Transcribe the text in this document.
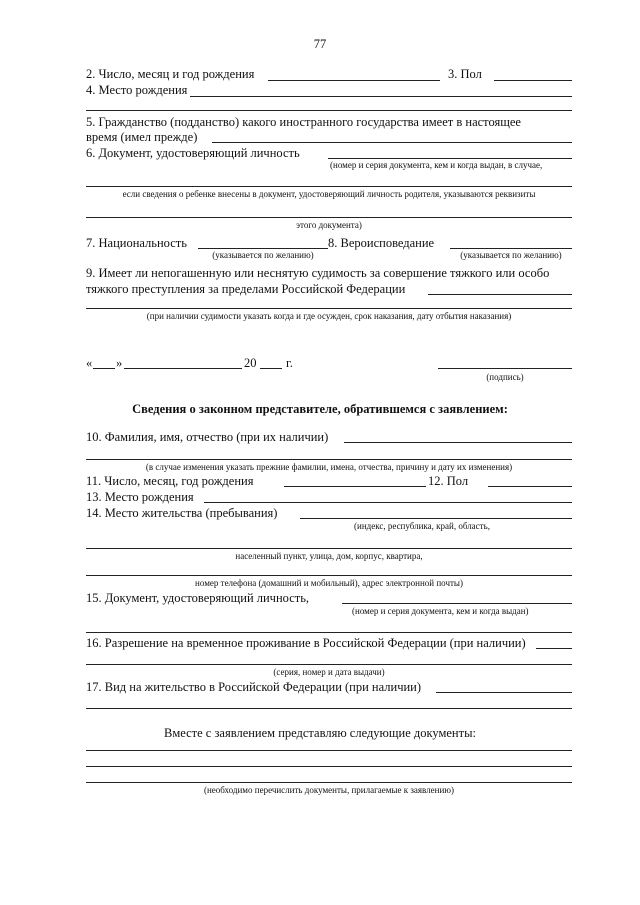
77
2. Число, месяц и год рождения	3. Пол
4. Место рождения
5. Гражданство (подданство) какого иностранного государства имеет в настоящее
время (имел прежде)
6. Документ, удостоверяющий личность
(номер и серия документа, кем и когда выдан, в случае,
если сведения о ребенке внесены в документ, удостоверяющий личность родителя, указываются реквизиты
этого документа)
7. Национальность
(указывается по желанию)
8. Вероисповедание
(указывается по желанию)
9. Имеет ли непогашенную или неснятую судимость за совершение тяжкого или особо
тяжкого преступления за пределами Российской Федерации
(при наличии судимости указать когда и где осужден, срок наказания, дату отбытия наказания)
« »	20 г.
(подпись)
Сведения о законном представителе, обратившемся с заявлением:
10. Фамилия, имя, отчество (при их наличии)
(в случае изменения указать прежние фамилии, имена, отчества, причину и дату их изменения)
11. Число, месяц, год рождения	12. Пол
13. Место рождения
14. Место жительства (пребывания)
(индекс, республика, край, область,
населенный пункт, улица, дом, корпус, квартира,
номер телефона (домашний и мобильный), адрес электронной почты)
15. Документ, удостоверяющий личность,
(номер и серия документа, кем и когда выдан)
16. Разрешение на временное проживание в Российской Федерации (при наличии)
(серия, номер и дата выдачи)
17. Вид на жительство в Российской Федерации (при наличии)
Вместе с заявлением представляю следующие документы:
(необходимо перечислить документы, прилагаемые к заявлению)
